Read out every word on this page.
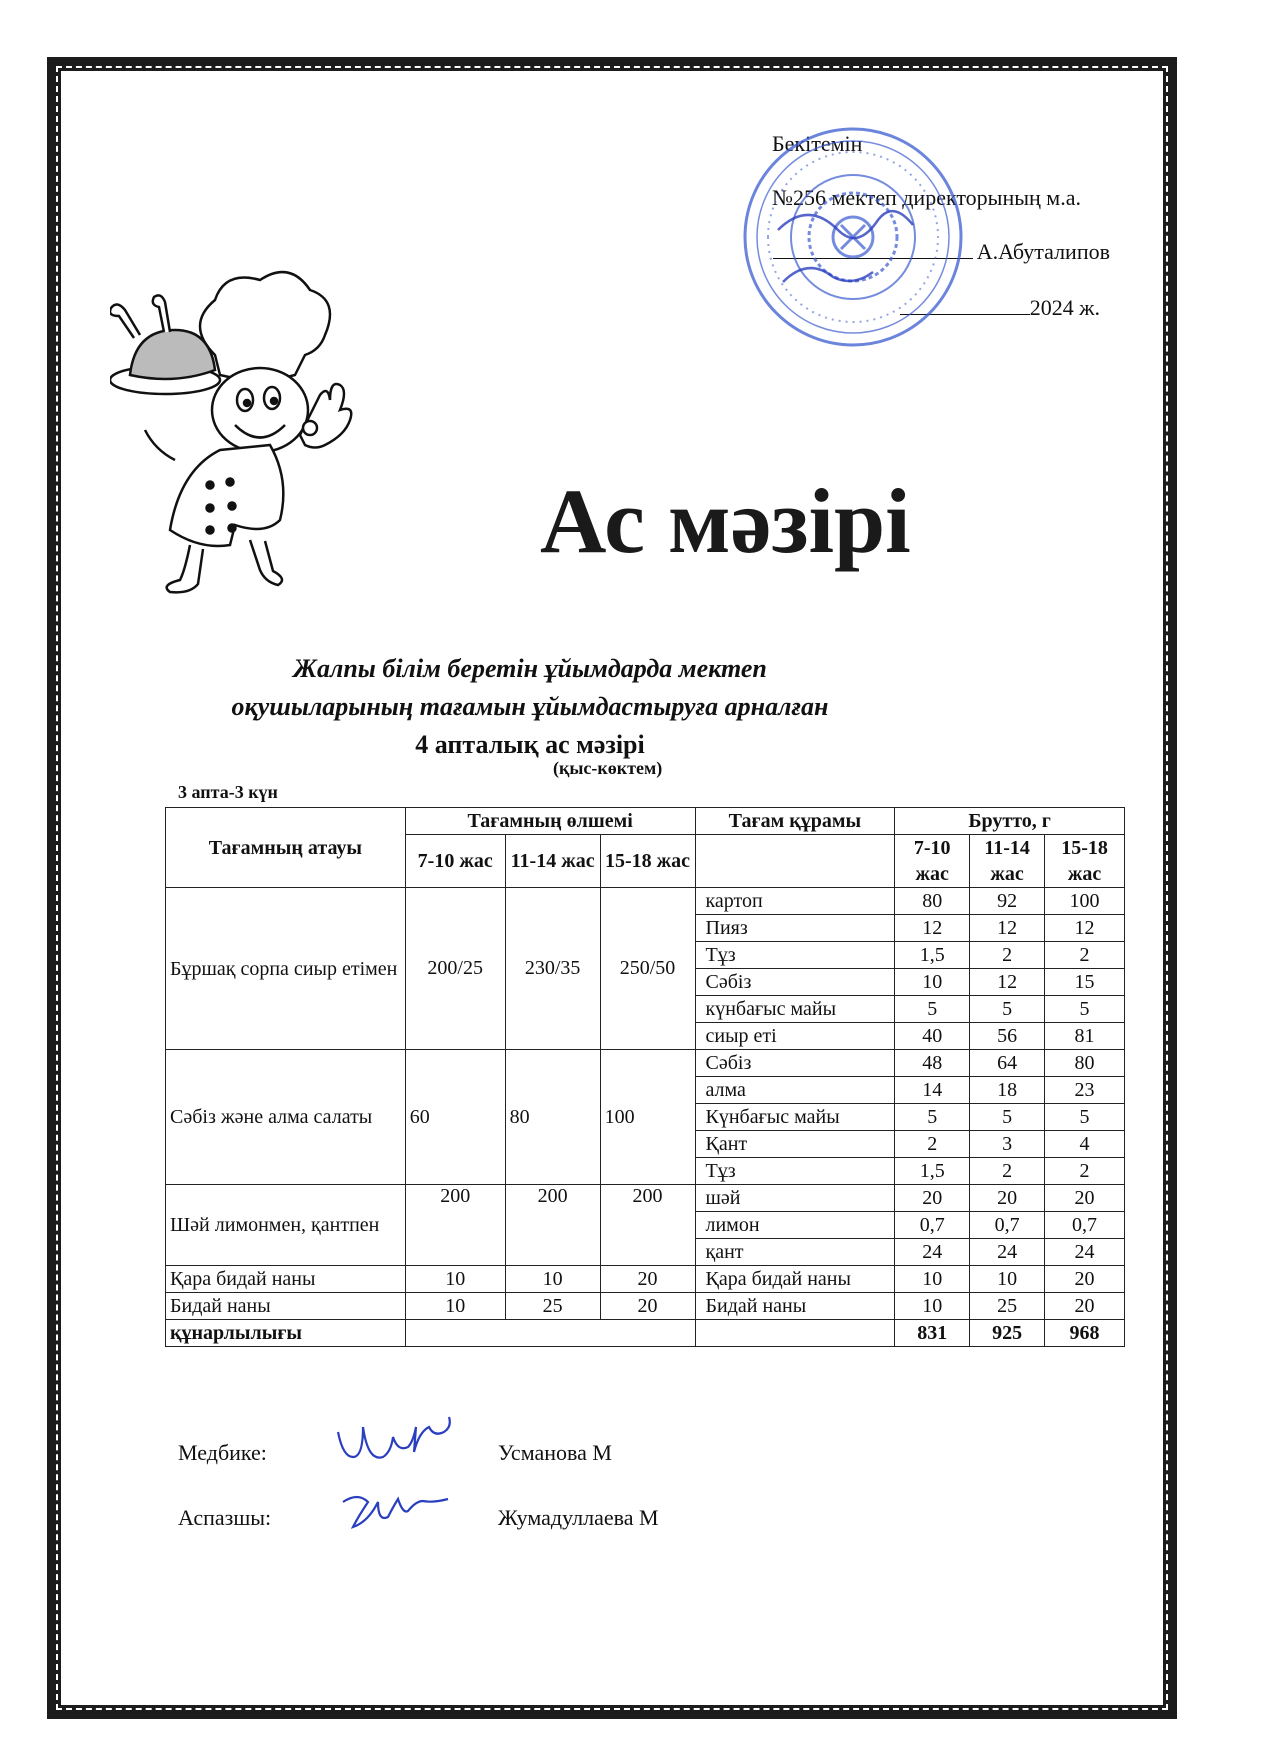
Бекітемін
№256 мектеп директорының м.а.
А.Абуталипов
2024 ж.
Ас мәзірі
Жалпы білім беретін ұйымдарда мектеп
оқушыларының тағамын ұйымдастыруға арналған
4 апталық ас мәзірі
(қыс-көктем)
3 апта-3 күн
Тағамның атауы	Тағамның өлшемі			Тағам құрамы	Брутто, г		
	7-10 жас	11-14 жас	15-18 жас		7-10 жас	11-14 жас	15-18 жас
Бұршақ сорпа сиыр етімен	200/25	230/35	250/50	картоп	80	92	100
				Пияз	12	12	12
				Тұз	1,5	2	2
				Сәбіз	10	12	15
				күнбағыс майы	5	5	5
				сиыр еті	40	56	81
Сәбіз және алма салаты	60	80	100	Сәбіз	48	64	80
				алма	14	18	23
				Күнбағыс майы	5	5	5
				Қант	2	3	4
				Тұз	1,5	2	2
Шәй лимонмен, қантпен	200	200	200	шәй	20	20	20
				лимон	0,7	0,7	0,7
				қант	24	24	24
Қара бидай наны	10	10	20	Қара бидай наны	10	10	20
Бидай наны	10	25	20	Бидай наны	10	25	20
құнарлылығы					831	925	968
Медбике:	Усманова М
Аспазшы:	Жумадуллаева М
